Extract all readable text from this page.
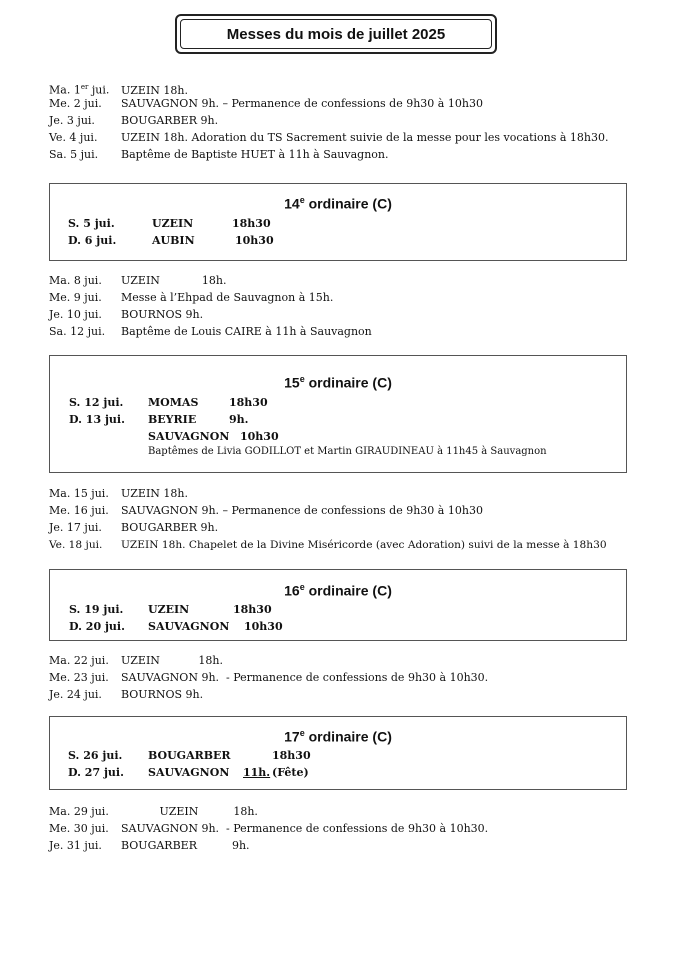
Messes du mois de juillet 2025
Ma. 1er jui. UZEIN 18h.
Me. 2 jui. SAUVAGNON 9h. – Permanence de confessions de 9h30 à 10h30
Je. 3 jui. BOUGARBER 9h.
Ve. 4 jui. UZEIN 18h. Adoration du TS Sacrement suivie de la messe pour les vocations à 18h30.
Sa. 5 jui. Baptême de Baptiste HUET à 11h à Sauvagnon.
14e ordinaire (C)
S. 5 jui.	UZEIN	18h30
D. 6 jui.	AUBIN	10h30
Ma. 8 jui. UZEIN            18h.
Me. 9 jui. Messe à l’Ehpad de Sauvagnon à 15h.
Je. 10 jui. BOURNOS 9h.
Sa. 12 jui. Baptême de Louis CAIRE à 11h à Sauvagnon
15e ordinaire (C)
S. 12 jui. MOMAS	18h30
D. 13 jui. BEYRIE	9h.
SAUVAGNON 10h30
Baptêmes de Livia GODILLOT et Martin GIRAUDINEAU à 11h45 à Sauvagnon
Ma. 15 jui. UZEIN 18h.
Me. 16 jui. SAUVAGNON 9h. – Permanence de confessions de 9h30 à 10h30
Je. 17 jui. BOUGARBER 9h.
Ve. 18 jui. UZEIN 18h. Chapelet de la Divine Miséricorde (avec Adoration) suivi de la messe à 18h30
16e ordinaire (C)
S. 19 jui. UZEIN	18h30
D. 20 jui. SAUVAGNON 10h30
Ma. 22 jui. UZEIN           18h.
Me. 23 jui. SAUVAGNON 9h.  - Permanence de confessions de 9h30 à 10h30.
Je. 24 jui. BOURNOS 9h.
17e ordinaire (C)
S. 26 jui. BOUGARBER	18h30
D. 27 jui. SAUVAGNON 11h. (Fête)
Ma. 29 jui.           UZEIN          18h.
Me. 30 jui. SAUVAGNON 9h.  - Permanence de confessions de 9h30 à 10h30.
Je. 31 jui. BOUGARBER          9h.
